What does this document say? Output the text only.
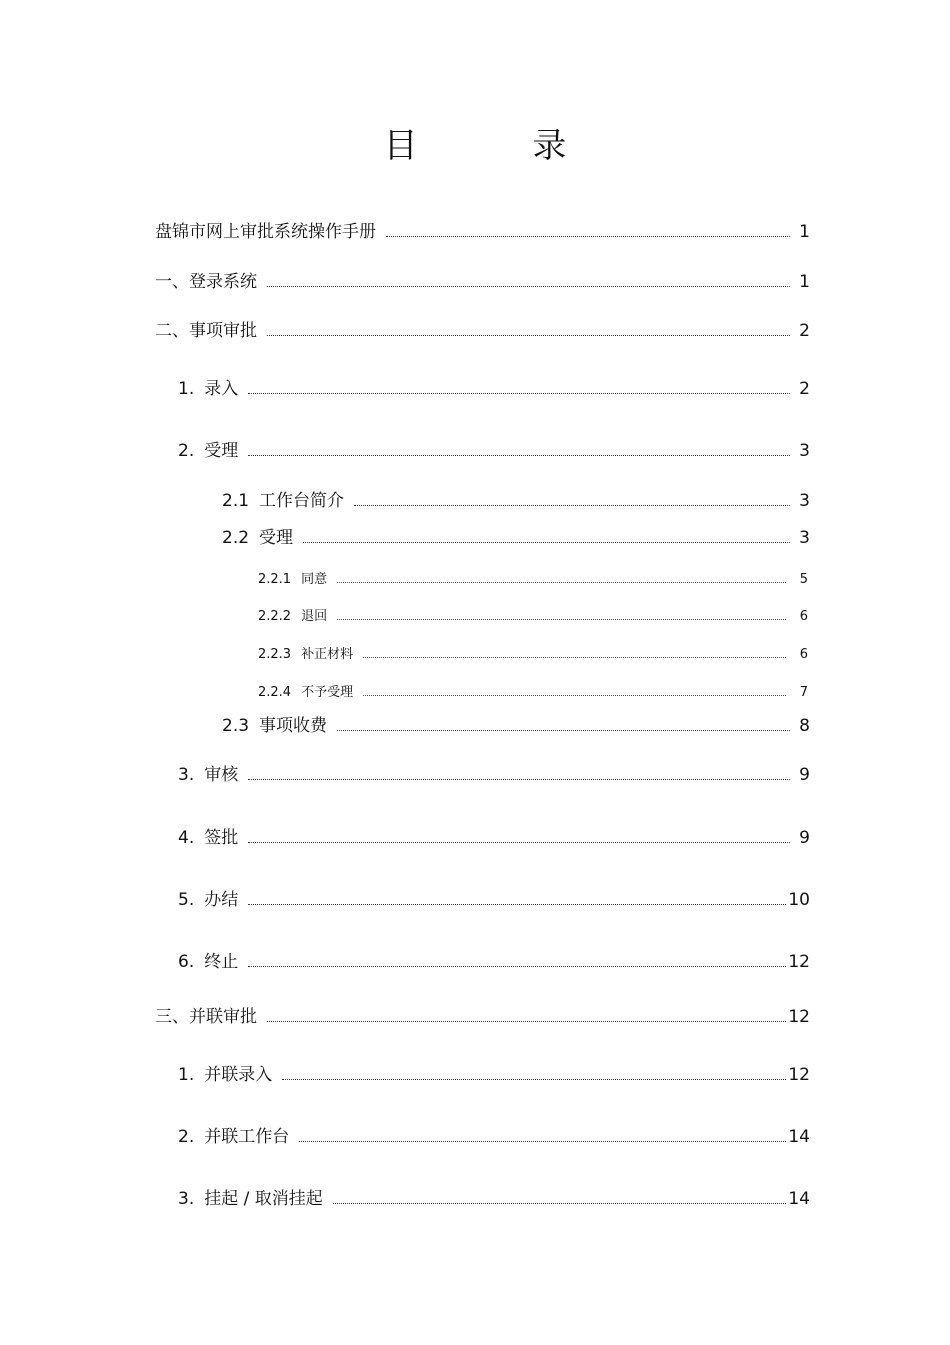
目 录
盘锦市网上审批系统操作手册	1
一、登录系统	1
二、事项审批	2
1. 录入	2
2. 受理	3
2.1 工作台简介	3
2.2 受理	3
2.2.1 同意	5
2.2.2 退回	6
2.2.3 补正材料	6
2.2.4 不予受理	7
2.3 事项收费	8
3. 审核	9
4. 签批	9
5. 办结	10
6. 终止	12
三、并联审批	12
1. 并联录入	12
2. 并联工作台	14
3. 挂起 / 取消挂起	14
